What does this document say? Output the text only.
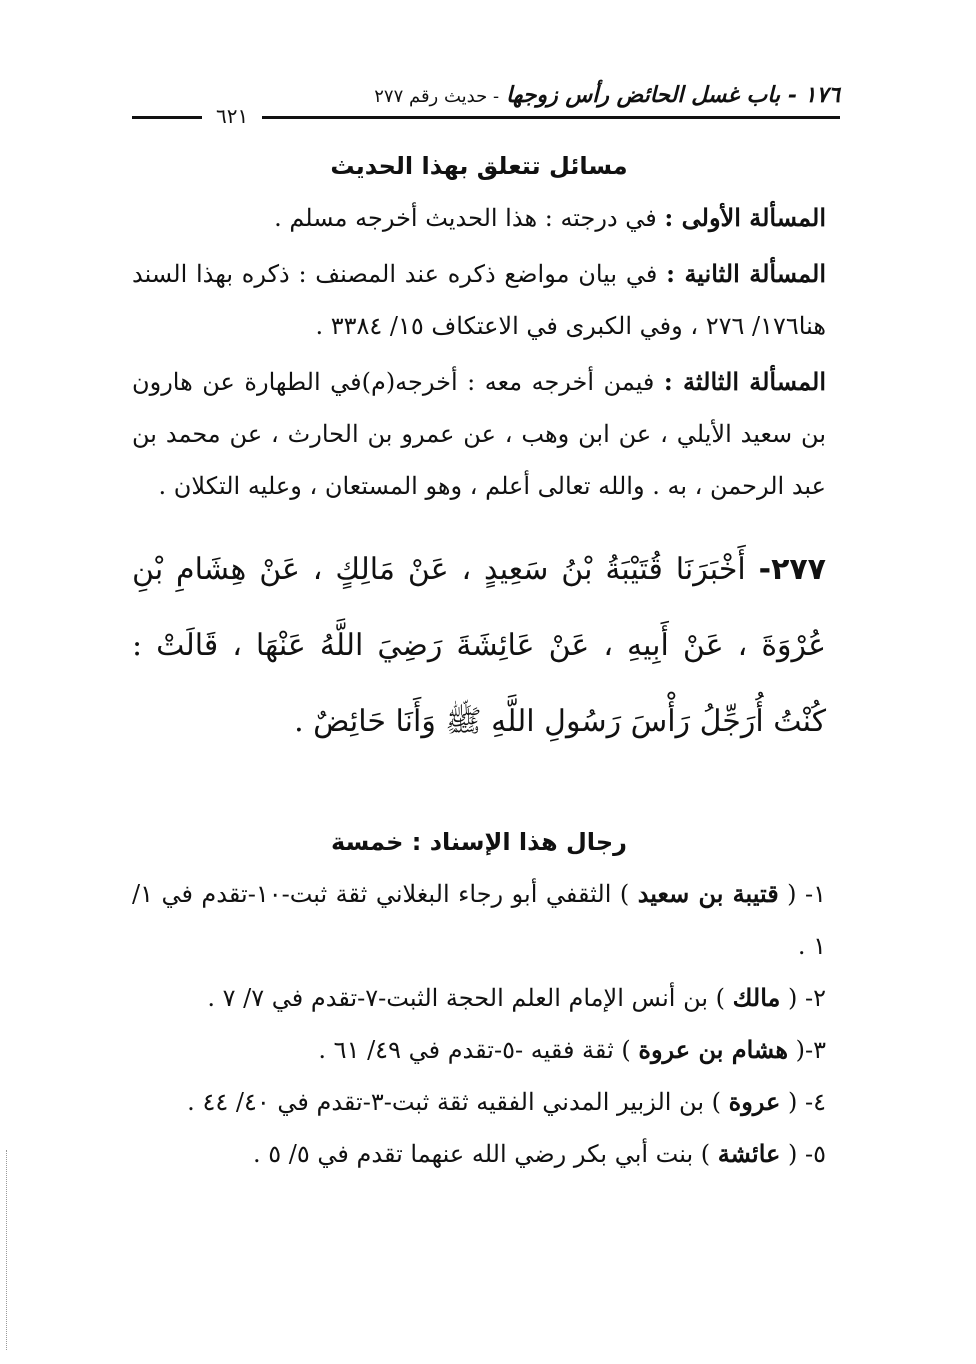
١٧٦ - باب غسل الحائض رأس زوجها - حديث رقم ٢٧٧
٦٢١
مسائل تتعلق بهذا الحديث

المسألة الأولى : في درجته : هذا الحديث أخرجه مسلم .

المسألة الثانية : في بيان مواضع ذكره عند المصنف : ذكره بهذا السند هنا١٧٦/ ٢٧٦ ، وفي الكبرى في الاعتكاف ١٥/ ٣٣٨٤ .

المسألة الثالثة : فيمن أخرجه معه : أخرجه(م)في الطهارة عن هارون بن سعيد الأيلي ، عن ابن وهب ، عن عمرو بن الحارث ، عن محمد بن عبد الرحمن ، به . والله تعالى أعلم ، وهو المستعان ، وعليه التكلان .

٢٧٧- أَخْبَرَنَا قُتَيْبَةُ بْنُ سَعِيدٍ ، عَنْ مَالِكٍ ، عَنْ هِشَامِ بْنِ عُرْوَةَ ، عَنْ أَبِيهِ ، عَنْ عَائِشَةَ رَضِيَ اللَّهُ عَنْهَا ، قَالَتْ : كُنْتُ أُرَجِّلُ رَأْسَ رَسُولِ اللَّهِ ﷺ وَأَنَا حَائِضٌ .

رجال هذا الإسناد : خمسة
١- ( قتيبة بن سعيد ) الثقفي أبو رجاء البغلاني ثقة ثبت-١٠-تقدم في ١/ ١ .
٢- ( مالك ) بن أنس الإمام العلم الحجة الثبت-٧-تقدم في ٧/ ٧ .
٣-( هشام بن عروة ) ثقة فقيه -٥-تقدم في ٤٩/ ٦١ .
٤- ( عروة ) بن الزبير المدني الفقيه ثقة ثبت-٣-تقدم في ٤٠/ ٤٤ .
٥- ( عائشة ) بنت أبي بكر رضي الله عنهما تقدم في ٥/ ٥ .
